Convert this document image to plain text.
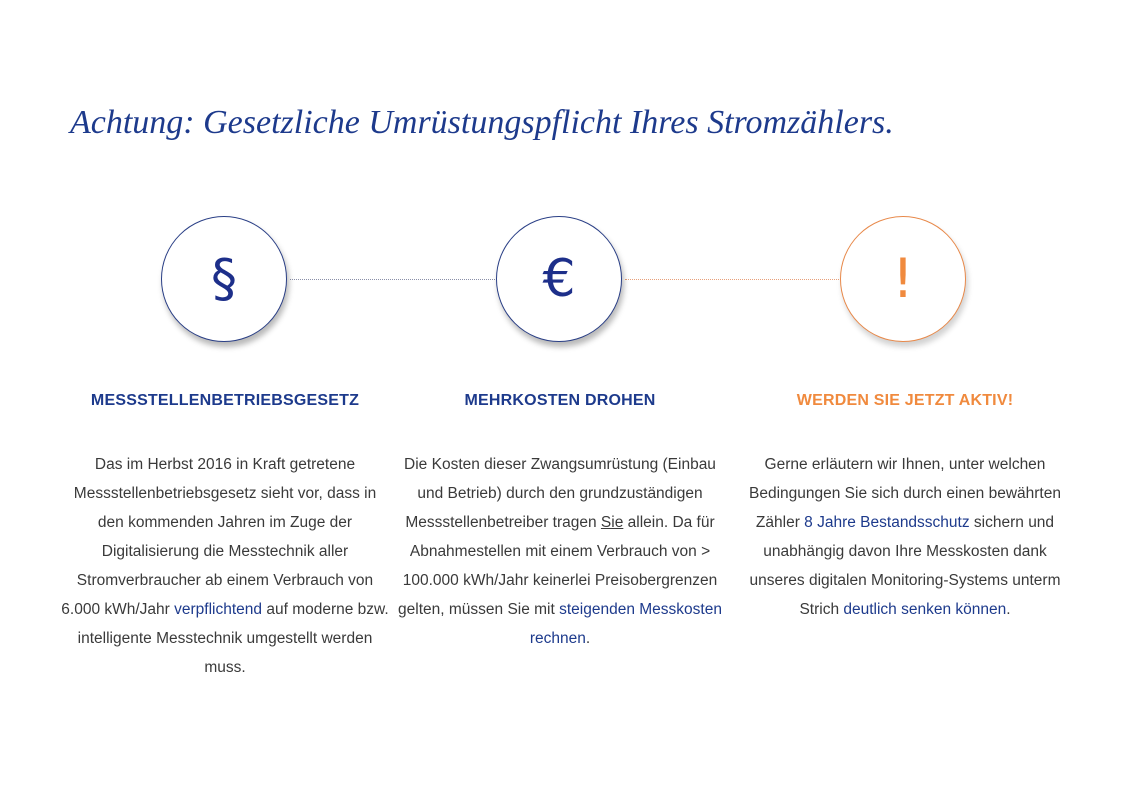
Achtung: Gesetzliche Umrüstungspflicht Ihres Stromzählers.
§	€	!
MESSSTELLENBETRIEBSGESETZ

Das im Herbst 2016 in Kraft getretene Messstellenbetriebsgesetz sieht vor, dass in den kommenden Jahren im Zuge der Digitalisierung die Messtechnik aller Stromverbraucher ab einem Verbrauch von 6.000 kWh/Jahr verpflichtend auf moderne bzw. intelligente Messtechnik umgestellt werden muss.

MEHRKOSTEN DROHEN

Die Kosten dieser Zwangsumrüstung (Einbau und Betrieb) durch den grundzuständigen Messstellenbetreiber tragen Sie allein. Da für Abnahmestellen mit einem Verbrauch von > 100.000 kWh/Jahr keinerlei Preisobergrenzen gelten, müssen Sie mit steigenden Messkosten rechnen.

WERDEN SIE JETZT AKTIV!

Gerne erläutern wir Ihnen, unter welchen Bedingungen Sie sich durch einen bewährten Zähler 8 Jahre Bestandsschutz sichern und unabhängig davon Ihre Messkosten dank unseres digitalen Monitoring-Systems unterm Strich deutlich senken können.
